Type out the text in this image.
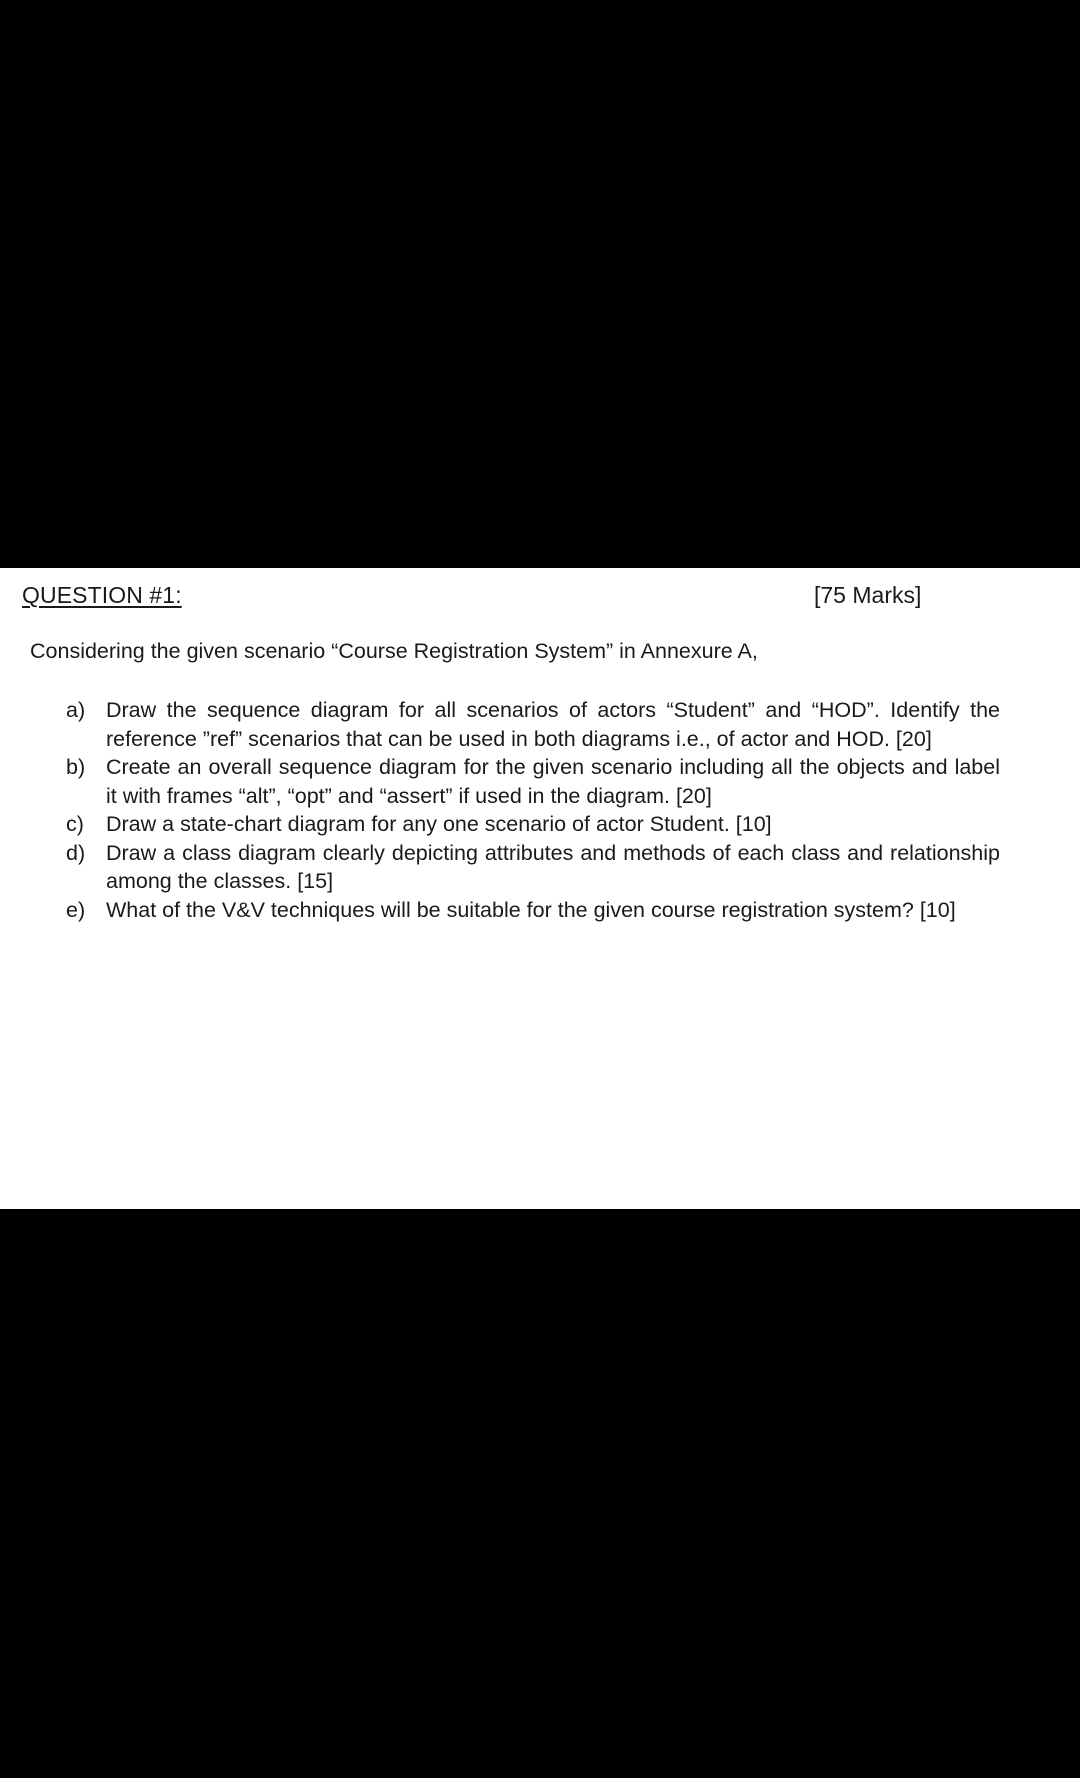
QUESTION #1:	[75 Marks]
Considering the given scenario “Course Registration System” in Annexure A,
a) Draw the sequence diagram for all scenarios of actors “Student” and “HOD”. Identify the reference ”ref” scenarios that can be used in both diagrams i.e., of actor and HOD. [20]
b) Create an overall sequence diagram for the given scenario including all the objects and label it with frames “alt”, “opt” and “assert” if used in the diagram. [20]
c)	Draw a state-chart diagram for any one scenario of actor Student. [10]
d) Draw a class diagram clearly depicting attributes and methods of each class and relationship among the classes. [15]
e) What of the V&V techniques will be suitable for the given course registration system? [10]
